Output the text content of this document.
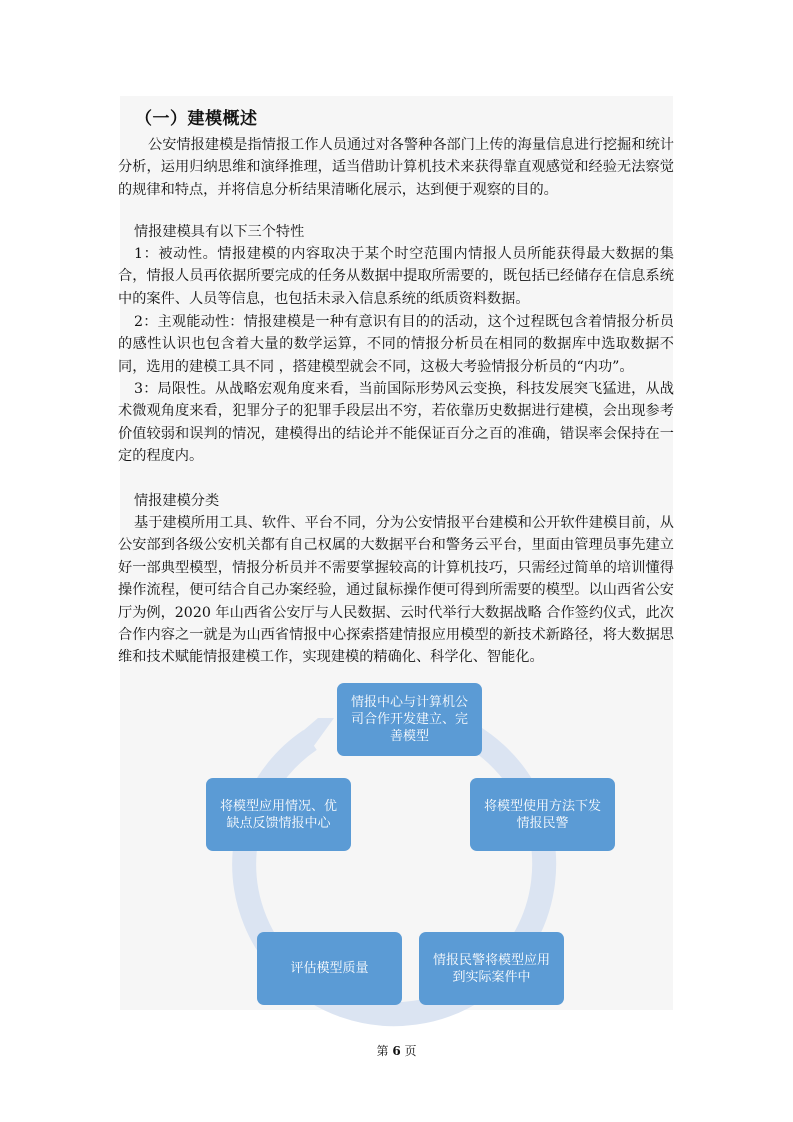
（一）建模概述

公安情报建模是指情报工作人员通过对各警种各部门上传的海量信息进行挖掘和统计分析，运用归纳思维和演绎推理，适当借助计算机技术来获得靠直观感觉和经验无法察觉的规律和特点，并将信息分析结果清晰化展示，达到便于观察的目的。

情报建模具有以下三个特性

1：被动性。情报建模的内容取决于某个时空范围内情报人员所能获得最大数据的集合，情报人员再依据所要完成的任务从数据中提取所需要的，既包括已经储存在信息系统中的案件、人员等信息，也包括未录入信息系统的纸质资料数据。

2：主观能动性：情报建模是一种有意识有目的的活动，这个过程既包含着情报分析员的感性认识也包含着大量的数学运算，不同的情报分析员在相同的数据库中选取数据不同，选用的建模工具不同 ，搭建模型就会不同，这极大考验情报分析员的“内功”。

3：局限性。从战略宏观角度来看，当前国际形势风云变换，科技发展突飞猛进，从战术微观角度来看，犯罪分子的犯罪手段层出不穷，若依靠历史数据进行建模，会出现参考价值较弱和误判的情况，建模得出的结论并不能保证百分之百的准确，错误率会保持在一定的程度内。

情报建模分类

基于建模所用工具、软件、平台不同，分为公安情报平台建模和公开软件建模目前，从公安部到各级公安机关都有自己权属的大数据平台和警务云平台，里面由管理员事先建立好一部典型模型，情报分析员并不需要掌握较高的计算机技巧，只需经过简单的培训懂得操作流程，便可结合自己办案经验，通过鼠标操作便可得到所需要的模型。以山西省公安厅为例，2020 年山西省公安厅与人民数据、云时代举行大数据战略 合作签约仪式，此次合作内容之一就是为山西省情报中心探索搭建情报应用模型的新技术新路径，将大数据思维和技术赋能情报建模工作，实现建模的精确化、科学化、智能化。

情报中心与计算机公司合作开发建立、完善模型
将模型使用方法下发情报民警
情报民警将模型应用到实际案件中
评估模型质量
将模型应用情况、优缺点反馈情报中心
第 6 页
